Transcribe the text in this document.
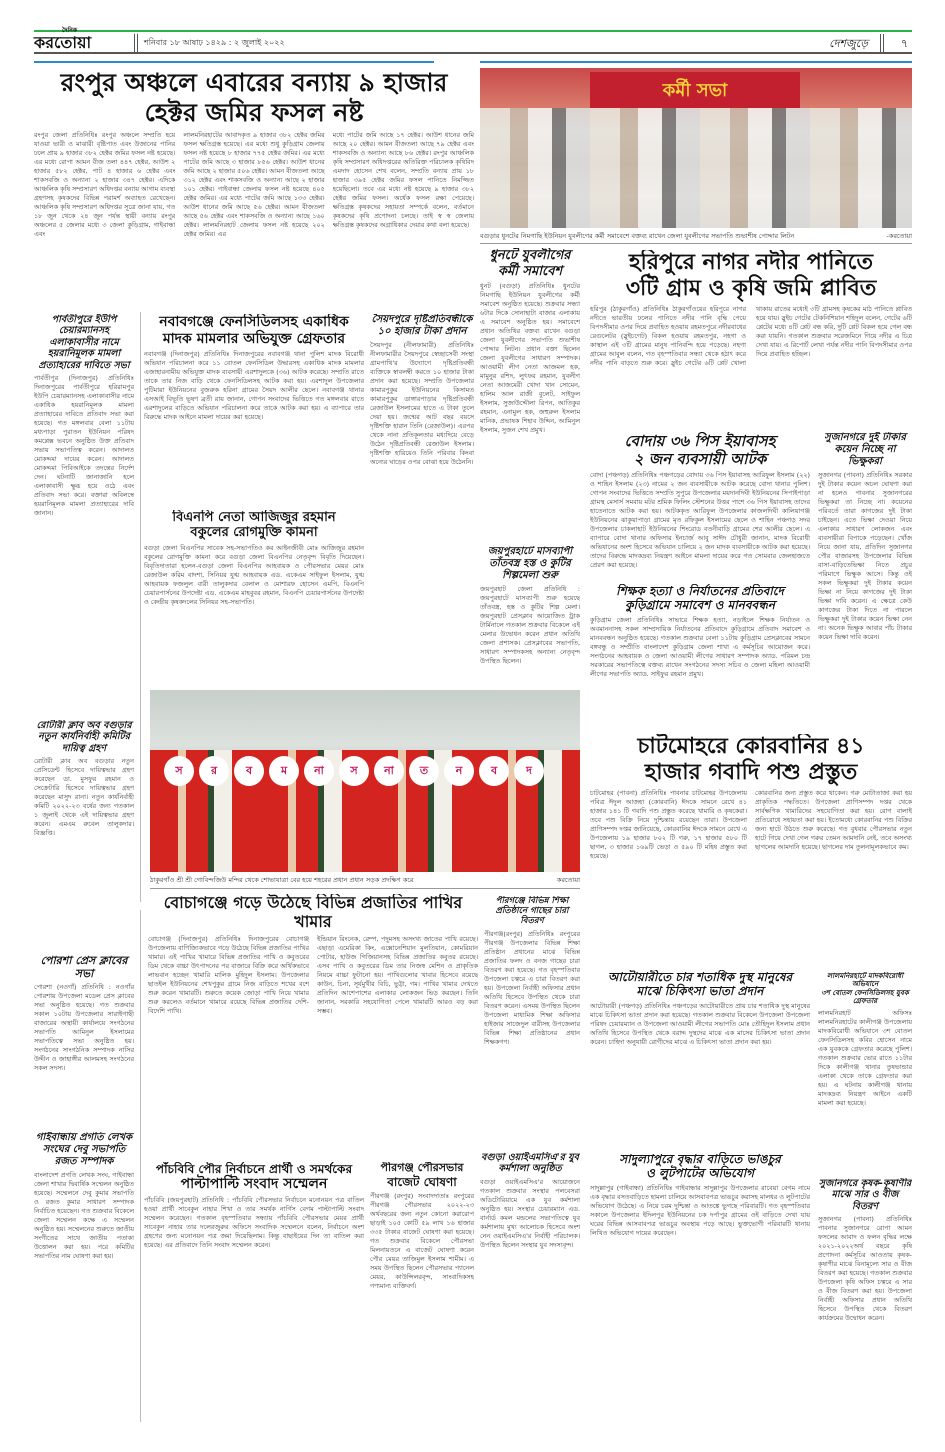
দৈনিক
করতোয়া	শনিবার ১৮ আষাঢ় ১৪২৯ : ২ জুলাই ২০২২	দেশজুড়ে	৭
রংপুর অঞ্চলে এবারের বন্যায় ৯ হাজার
হেক্টর জমির ফসল নষ্ট
রংপুর জেলা প্রতিনিধিঃ রংপুর অঞ্চলে সম্প্রতি হয়ে যাওয়া ভারী ও মাঝারী বৃষ্টিপাত এবং উজানের পানির ঢলে প্রায় ৯ হাজার ৩৮২ হেক্টর জমির ফসল নষ্ট হয়েছে। এর মধ্যে রোপা আমন বীজ তলা ৪৪৭ হেক্টর, আউশ ২ হাজার ৫৮২ হেক্টর, পাট ৪ হাজার ৬ হেক্টর এবং শাকসবজি ও অন্যান্য ২ হাজার ৩৪৭ হেক্টর। এদিকে আঞ্চলিক কৃষি সম্প্রসারণ অধিদপ্তর বন্যায় আগাম ব্যবস্থা গ্রহণসহ কৃষকদের বিভিন্ন পরামর্শ অব্যাহত রেখেছেন। আঞ্চলিক কৃষি সম্প্রসারণ অধিদপ্তর সূত্রে জানা যায়, গত ১৮ জুন থেকে ২৪ জুন পর্যন্ত স্থায়ী বন্যায় রংপুর অঞ্চলের ৫ জেলার মধ্যে ৩ জেলা কুড়িগ্রাম, গাইবান্ধা এবং
লালমনিরহাটের আবাদকৃত ৯ হাজার ৩৮২ হেক্টর জমির ফসল ক্ষতিগ্রস্ত হয়েছে। এর মধ্যে শুধু কুড়িগ্রাম জেলায় ফসল নষ্ট হয়েছে ৮ হাজার ৭৭৫ হেক্টর জমির। এর মধ্যে পাটের জমি আছে ৩ হাজার ৮৫৬ হেক্টর। আউশ ধানের জমি আছে ২ হাজার ৫০৬ হেক্টর। আমন বীজতলা আছে ৩১২ হেক্টর এবং শাকসবজি ও অন্যান্য আছে ২ হাজার ১০১ হেক্টর। গাইবান্ধা জেলায় ফসল নষ্ট হয়েছে ৪০৫ হেক্টর জমির। এর মধ্যে পাটের জমি আছে ১৩৩ হেক্টর। আউশ ধানের জমি আছে ৫৬ হেক্টর। আমন বীজতলা আছে ৫৬ হেক্টর এবং শাকসবজি ও অন্যান্য আছে ১৬০ হেক্টর। লালমনিরহাট জেলায় ফসল নষ্ট হয়েছে ২০২ হেক্টর জমির। এর
মধ্যে পাটের জমি আছে ১৭ হেক্টর। আউশ ধানের জমি আছে ২০ হেক্টর। আমন বীজতলা আছে ৭৯ হেক্টর এবং শাকসবজি ও অন্যান্য আছে ৮৬ হেক্টর। রংপুর আঞ্চলিক কৃষি সম্প্রসারণ অধিদপ্তরের অতিরিক্ত পরিচালক কৃষিবিদ এমদাদ হোসেন শেখ বলেন, সম্প্রতি বন্যায় প্রায় ১৮ হাজার ৩৯৫ হেক্টর জমির ফসল পানিতে নিমজ্জিত হয়েছিলো। তবে এর মধ্যে নষ্ট হয়েছে ৯ হাজার ৩৮২ হেক্টর জমির ফসল। অর্ধেক ফসল রক্ষা পেয়েছে। ক্ষতিগ্রস্ত কৃষকদের সহায়তা সম্পর্কে বলেন, বর্তমানে কৃষকদের কৃষি প্রণোদনা চলছে। তাই স্ব স্ব জেলায় ক্ষতিগ্রস্ত কৃষকদের অগ্রাধিকার দেয়ার কথা বলা হয়েছে।
কর্মী সভা
বগুড়ার ধুনটের নিমগাছি ইউনিয়ন যুবলীগের কর্মী সমাবেশে বক্তব্য রাখেন জেলা যুবলীগের সভাপতি শুভাশীষ পোদ্দার লিটন	-করতোয়া
ধুনটে যুবলীগের কর্মী সমাবেশ
ধুনট (বগুড়া) প্রতিনিধিঃ ধুনটের নিমগাছি ইউনিয়ন যুবলীগের কর্মী সমাবেশ অনুষ্ঠিত হয়েছে। শুক্রবার সন্ধ্যা ৬টার দিকে সোনাহাটা বাজার এলাকায় এ সমাবেশ অনুষ্ঠিত হয়। সমাবেশে প্রধান অতিথির বক্তব্য রাখেন বগুড়া জেলা যুবলীগের সভাপতি শুভাশীষ পোদ্দার লিটন। প্রধান বক্তা ছিলেন জেলা যুবলীগের সাধারণ সম্পাদক। আওয়ামী লীগ নেতা আজমল হক, মামুনুর রশিদ, লুৎফর রহমান, যুবলীগ নেতা আজমেরী খোদা খান সোমেন, হালিম আল রাজী বুলেট, সাইফুল ইসলাম, সুজাউদ্দৌলা রিপন, আতিকুর রহমান, এনামুল হক, জহুরুল ইসলাম মানিক, প্রভাষক শিহাব উদ্দিন, আমিনুল ইসলাম, সুজন শেখ প্রমুখ।
হরিপুরে নাগর নদীর পানিতে
৩টি গ্রাম ও কৃষি জমি প্লাবিত
হরিপুর (ঠাকুরগাঁও) প্রতিনিধিঃ ঠাকুরগাঁওয়ের হরিপুরে নাগর নদীতে ভারতীয় ঢলের পানিতে নদীর পানি বৃদ্ধি পেয়ে বিপদসীমার ওপর দিয়ে প্রবাহিত হওয়ায় রহমতপুরে নদীরবাধের রেগুলেটর (স্লুইচগেট) বিকল হওয়ায় রহমতপুর, নহগা ও কাস্থাল এই ৩টি গ্রামের মানুষ পানিবন্দি হয়ে পড়েছে। নহগা গ্রামের আবুল বলেন, গত বৃহস্পতিবার সন্ধ্যা থেকে হঠাৎ করে নদীর পানি বাড়তে শুরু করে। স্লুইচ গেটের ৬টি প্লেট খোলা থাকায় রাতের মধ্যেই ৩টি গ্রামসহ কৃষকের মাঠ পানিতে প্লাবিত হয়ে যায়। স্লুইচ গেটের টেকনিশিয়ান শহিদুল বলেন, গেটের ৬টি প্লেটের মধ্যে ৪টি প্লেট বন্ধ করি, দুটি প্লেট বিকল হয়ে গেল বন্ধ করা যায়নি। গতকাল শুক্রবার সরেজমিনে গিয়ে নদীর এ চিত্র দেখা যায়। এ রিপোর্ট লেখা পর্যন্ত নদীর পানি বিপদসীমার ওপর দিয়ে প্রবাহিত হচ্ছিল।
পার্বতীপুরে ইউপি চেয়ারম্যানসহ এলাকাবাসীর নামে হয়রানিমূলক মামলা প্রত্যাহারের দাবিতে সভা
পার্বতীপুর (দিনাজপুর) প্রতিনিধিঃ দিনাজপুরের পার্বতীপুরে হরিরামপুর ইউপি চেয়ারম্যানসহ এলাকাবাসীর নামে একাধিক হয়রানিমূলক মামলা প্রত্যাহারের দাবিতে প্রতিবাদ সভা করা হয়েছে। গত মঙ্গলবার বেলা ১১টায় মধ্যপাড়া পুরাতন ইউনিয়ন পরিষদ কমপ্লেক্স ভবনে অনুষ্ঠিত উক্ত প্রতিবাদ সভায় সভাপতিত্ব করেন। আদালত মোকদ্দমা দায়ের করেন। আদালত মোকদ্দমা পিবিআইকে তদন্তের নির্দেশ দেন। ঘটনাটি জানাজানি হলে এলাকাবাসী ক্ষুব্ধ হয়ে ওঠে এবং প্রতিবাদ সভা করে। বক্তারা অবিলম্বে হয়রানিমূলক মামলা প্রত্যাহারের দাবি জানান।
নবাবগঞ্জে ফেনসিডিলসহ একাধিক
মাদক মামলার অভিযুক্ত গ্রেফতার
নবাবগঞ্জ (দিনাজপুর) প্রতিনিধিঃ দিনাজপুরের নবাবগঞ্জ থানা পুলিশ মাদক বিরোধী অভিযান পরিচালনা করে ১১ বোতল ফেনসিডিল উদ্ধারসহ একাধিক মাদক মামলার এজাহারনামীয় অভিযুক্ত মাদক ব্যবসায়ী এরশাদুলকে (৩৬) আটক করেছে। সম্প্রতি রাতে তাকে তার নিজ বাড়ি থেকে ফেনসিডিলসহ আটক করা হয়। এরশাদুল উপজেলার পুটিমারা ইউনিয়নের বুজরুক হরিনা গ্রামের সৈয়দ আলীর ছেলে। নবাবগঞ্জ থানার এসআই বিভূতি ভূষণ ব্রতী রায় জানান, গোপন সংবাদের ভিত্তিতে গত মঙ্গলবার রাতে এরশাদুলের বাড়িতে অভিযান পরিচালনা করে তাকে আটক করা হয়। এ ব্যাপারে তার বিরুদ্ধে মাদক আইনে মামলা দায়ের করা হয়েছে।
সৈয়দপুরে দৃষ্টিপ্রতিবন্ধীকে ১০ হাজার টাকা প্রদান
সৈয়দপুর (নীলফামারী) প্রতিনিধিঃ নীলফামারীর সৈয়দপুরে স্বেচ্ছাসেবী সংস্থা গ্রামপাথি'র উদ্যোগে দৃষ্টিপ্রতিবন্ধী ব্যক্তিকে স্বাবলম্বী করতে ১০ হাজার টাকা প্রদান করা হয়েছে। সম্প্রতি উপজেলার কামারপুকুর ইউনিয়নের কিসামত কামারপুকুর ডাঙ্গারপাড়ার দৃষ্টিপ্রতিবন্ধী রেজাউল ইসলামের হাতে এ টাকা তুলে দেয়া হয়। জন্মের আট বছর বয়সে দৃষ্টিশক্তি হারান তিনি (রেজাউল)। এরপর থেকে নানা প্রতিকূলতার মধ্যদিয়ে বেড়ে উঠেন দৃষ্টিপ্রতিবন্ধী রেজাউল ইসলাম। দৃষ্টিশক্তি হারিয়েও তিনি পরিবার কিংবা অন্যের ঘাড়ের ওপর বোঝা হয়ে উঠেননি।
বিএনপি নেতা আজিজুর রহমান
বকুলের রোগমুক্তি কামনা
বগুড়া জেলা বিএনপির সাবেক সহ-সভাপতিও কর আইনজীবী মোঃ আজিজুর রহমান বকুলের রোগমুক্তি কামনা করে বগুড়া জেলা বিএনপির নেতৃবৃন্দ বিবৃতি দিয়েছেন। বিবৃতিদাতারা হলেন-বগুড়া জেলা বিএনপির আহবায়ক ও পৌরসভার মেয়র মোঃ রেজাউল করিম বাদশা, সিনিয়র যুগ্ম আহবায়ক এড. একেএম সাইফুল ইসলাম, যুগ্ম আহবায়ক ফজলুল বারী তালুকদার বেলাল ও মোশারফ হোসেন এমপি, বিএনপি চেয়ারপার্সনের উপদেষ্টা এড. একেএম মাহবুবর রহমান, বিএনপি চেয়ারপার্সনের উপদেষ্টা ও কেন্দ্রীয় কৃষকদলের সিনিয়র সহ-সভাপতি।
রোটারী ক্লাব অব বগুড়ার নতুন কার্যনির্বাহী কমিটির দায়িত্ব গ্রহণ
রোটারী ক্লাব অব বগুড়ার নতুন প্রেসিডেন্ট হিসেবে দায়িত্বভার গ্রহণ করেছেন ডা. মুসফুর রহমান ও সেক্রেটারি হিসেবে দায়িত্বভার গ্রহণ করেছেন মাসুদ রানা। নতুন কার্যনির্বাহী কমিটি ২০২২-২৩ বর্ষের জন্য গতকাল ১ জুলাই থেকে এই দায়িত্বভার গ্রহণ করেন। এমএম রুবেল তালুকদার। বিজ্ঞপ্তি।
স	র	ব	ম না স না ত	ন	ব	দ
ঠাকুরগাঁও শ্রী শ্রী গোবিন্দজিউ মন্দির থেকে শোভাযাত্রা বের হয়ে শহরের প্রধান প্রধান সড়ক প্রদক্ষিণ করে	করতোয়া
জয়পুরহাটে মাসব্যাপী তাঁতবস্ত্র হস্ত ও কুটির শিল্পমেলা শুরু
জয়পুরহাট জেলা প্রতিনিধি : জয়পুরহাটে মাসব্যাপী শুরু হয়েছে তাঁতবস্ত্র, হস্ত ও কুটির শিল্প মেলা। জয়পুরহাট প্রেসক্লাব আয়োজিত ট্রাক টার্মিনালে গতকাল শুক্রবার বিকেলে এই মেলার উদ্বোধন করেন প্রধান অতিথি জেলা প্রশাসক। প্রেসক্লাবের সভাপতি, সাধারণ সম্পাদকসহ অন্যান্য নেতৃবৃন্দ উপস্থিত ছিলেন।
বোদায় ৩৬ পিস ইয়াবাসহ
২ জন ব্যবসায়ী আটক
বোদা (পঞ্চগড়) প্রতিনিধিঃ পঞ্চগড়ের বোদায় ৩৬ পিস ইয়াবাসহ আরিফুল ইসলাম (২২) ও শাহিন ইসলাম (২৩) নামের ২ জন ব্যবসায়ীকে আটক করেছে বোদা থানার পুলিশ। গোপন সংবাদের ভিত্তিতে সম্প্রতি সুপুরে উপজেলার ময়দানদিঘী ইউনিয়নের সিপাইপাড়া গ্রামস্থ মেসার্স সমবায় মটর শ্রমিক ফিলিং স্টেশনের উত্তর পাশে ৩৬ পিস ইয়াবাসহ তাদের হাতেনাতে আটক করা হয়। আটককৃত আরিফুল উপজেলার কাজলদিঘী কালিয়াগঞ্জ ইউনিয়নের ঝাকুয়াপাড়া গ্রামের মৃত রফিকুল ইসলামের ছেলে ও শাহিন পঞ্চগড় সদর উপজেলার চাকলাহাট ইউনিয়নের শিংরোড বতনীবাড়ি গ্রামের শের আলীর ছেলে। এ ব্যাপারে বোদা থানার অফিসার ইনচার্জ আবু সাঈদ চৌধুরী জানান, মাদক বিরোধী অভিযানের অংশ হিসেবে অভিযান চালিয়ে ২ জন মাদক ব্যবসায়ীকে আটক করা হয়েছে। তাদের বিরুদ্ধে মাদকদ্রব্য নিয়ন্ত্রণ আইনে মামলা দায়ের করে গত সোমবার জেলহাজতে প্রেরণ করা হয়েছে।
সুজানগরে দুই টাকার কয়েন নিচ্ছে না ভিক্ষুকরা
সুজানগর (পাবনা) প্রতিনিধিঃ সরকার দুই টাকার কয়েন অচল ঘোষণা করা না হলেও পাবনার সুজানগরের ভিক্ষুকরা তা নিচ্ছে না। কয়েনের পরিবর্তে তারা কাগজের দুই টাকা চাইছেন। এতে ভিক্ষা দেওয়া নিয়ে এলাকার সাধারণ লোকজন এবং ব্যবসায়ীরা বিপাকে পড়েছেন। খোঁজ নিয়ে জানা যায়, প্রতিদিন সুজানগর পৌর বাজারসহ উপজেলার বিভিন্ন বাসা-বাড়িতেভিক্ষা নিতে প্রচুর পরিমাণে ভিক্ষুক আসে। কিন্তু ওই সকল ভিক্ষুকরা দুই টাকার কয়েন ভিক্ষা না নিয়ে কাগজের দুই টাকা ভিক্ষা দাবি করেন। এ ক্ষেত্রে কেউ কাগজের টাকা দিতে না পারলে ভিক্ষুকরা দুই টাকার কয়েন ভিক্ষা নেন না। অনেক ভিক্ষুক আবার পাঁচ টাকার কয়েন ভিক্ষা দাবি করেন।
শিক্ষক হত্যা ও নির্যাতনের প্রতিবাদে
কুড়িগ্রামে সমাবেশ ও মানববন্ধন
কুড়িগ্রাম জেলা প্রতিনিধিঃ সাভারে শিক্ষক হত্যা, নড়াইলে শিক্ষক নির্যাতন ও অবমাননাসহ সকল সাম্প্রদায়িক নির্যাতনের প্রতিবাদে কুড়িগ্রামে প্রতিবাদ সমাবেশ ও মানববন্ধন অনুষ্ঠিত হয়েছে। গতকাল শুক্রবার বেলা ১১টায় কুড়িগ্রাম প্রেসক্লাবের সামনে বঙ্গবন্ধু ও সম্প্রীতি বাংলাদেশ কুড়িগ্রাম জেলা শাখা এ কর্মসূচির আয়োজন করে। সংগঠনের আহবায়ক ও জেলা আওয়ামী লীগের সাধারণ সম্পাদক অ্যাড. পরিমল চন্দ্র সরকারের সভাপতিত্বে বক্তব্য রাখেন সংগঠনের সদস্য সচিব ও জেলা মহিলা আওয়ামী লীগের সভাপতি অ্যাড. সাইফুর রহমান প্রমুখ।
চাটমোহরে কোরবানির ৪১
হাজার গবাদি পশু প্রস্তুত
চাটমোহর (পাবনা) প্রতিনিধিঃ পাবনার চাটমোহর উপজেলায় পবিত্র ঈদুল আজহা (কোরবানি) ঈদকে সামনে রেখে ৪১ হাজার ১৪১ টি গবাদি পশু প্রস্তুত করেছে খামারি ও কৃষকেরা। তবে পশু বিক্রি নিয়ে দুশ্চিন্তায় রয়েছেন তারা। উপজেলা প্রাণিসম্পদ দপ্তর জানিয়েছে, কোরবানির ঈদকে সামনে রেখে এ উপজেলায় ১৯ হাজার ৮০২ টি গরু, ১৭ হাজার ৫৮০ টি ছাগল, ৩ হাজার ১৬৯টি ভেড়া ও ৫৯০ টি মহিষ প্রস্তুত করা হয়েছে।
কোরবানির জন্য প্রস্তুত করে থাকেন। গরু মোটাতাজা করা হয় প্রাকৃতিক পদ্ধতিতে। উপজেলা প্রাণিসম্পদ দপ্তর থেকে সার্বক্ষণিক খামারিদের সহযোগিতা করা হয়। রোগ বালাই প্রতিরোধে সহায়তা করা হয়। ইতোমধ্যে কোরবানির পশু বিক্রির জন্য হাটে উঠতে শুরু করেছে। গত বুধবার পৌরসভার নতুন হাটে গিয়ে দেখা গেল গরুর তেমন আমদানি নেই, তবে অসংখ্য ছাগলের আমদানি হয়েছে। ছাগলের দাম তুলনামূলকভাবে কম।
বোচাগঞ্জে গড়ে উঠেছে বিভিন্ন প্রজাতির পাখির খামার
বোচাগঞ্জ (দিনাজপুর) প্রতিনিধিঃ দিনাজপুরের বোচাগঞ্জ উপজেলায় বাণিজ্যিকভাবে গড়ে উঠেছে বিভিন্ন প্রজাতির পাখির খামার। এই পাখির খামারে বিভিন্ন প্রজাতির পাখি ও কবুতরের ডিম থেকে বাচ্চা উৎপাদনের পর বাজারে বিক্রি করে অর্থিকভাবে লাভবান হচ্ছেন খামারি মালিক মুহিদুল ইসলাম। উপজেলার ছাতইল ইউনিয়নের শেখপুকুর গ্রামে নিজ বাড়িতে শখের বশে শুরু করেন খামারটি। শুরুতে কয়েক জোড়া পাখি নিয়ে খামার শুরু করলেও বর্তমানে খামারে রয়েছে বিভিন্ন প্রজাতির দেশি-বিদেশি পাখি।
ইন্ডিয়ান রিংনেক, রেম্প, পদুমসহ অসংখ্য জাতের পাখি রয়েছে। এছাড়া এমেরিকা কিং, এক্সোনেশিয়ান মুলতিয়ান, কোমরিয়ান পোটার, হাউজ গিজিয়ানসহ বিভিন্ন প্রজাতির কবুতর রয়েছে। এসব পাখি ও কবুতরের ডিম তার নিজস্ব মেশিন ও প্রাকৃতিক নিয়মে বাচ্চা ফুটানো হয়। পাখিগুলোর খাবার হিসেবে রয়েছে কাউন, চিনা, সূর্যমুখীর বিচি, ভুট্টা, গম। পাখির খামার দেখতে প্রতিদিন আশেপাশের এলাকার লোকজন ভিড় করছেন। তিনি জানান, সরকারি সহযোগিতা পেলে খামারটি আরও বড় করা সম্ভব।
পীরগঞ্জে বিভিন্ন শিক্ষা প্রতিষ্ঠানে গাছের চারা বিতরণ
পীরগঞ্জ(রংপুর) প্রতিনিধিঃ রংপুরের পীরগঞ্জ উপজেলার বিভিন্ন শিক্ষা প্রতিষ্ঠান প্রধানের মাঝে বিভিন্ন প্রজাতির ফলদ ও বনজ গাছের চারা বিতরণ করা হয়েছে। গত বৃহস্পতিবার উপজেলা চত্বরে এ চারা বিতরণ করা হয়। উপজেলা নির্বাহী অফিসার প্রধান অতিথি হিসেবে উপস্থিত থেকে চারা বিতরণ করেন। এসময় উপস্থিত ছিলেন উপজেলা মাধ্যমিক শিক্ষা অফিসার হাইজার সাজেদুল বারীসহ উপজেলার বিভিন্ন শিক্ষা প্রতিষ্ঠানের প্রধান শিক্ষকগণ।
আটোয়ারীতে চার শতাধিক দুস্থ মানুষের
মাঝে চিকিৎসা ভাতা প্রদান
আটোয়ারী (পঞ্চগড়) প্রতিনিধিঃ পঞ্চগড়ের আটোয়ারীতে প্রায় চার শতাধিক দুস্থ মানুষের মাঝে চিকিৎসা ভাতা প্রদান করা হয়েছে। গতকাল শুক্রবার বিকেলে উপজেলা উপজেলা পরিষদ চেয়ারম্যান ও উপজেলা আওয়ামী লীগের সভাপতি মোঃ তৌহিদুল ইসলাম প্রধান অতিথি হিসেবে উপস্থিত থেকে বরাদ্দ দুস্থদের মাঝে এক মাসের চিকিৎসা ভাতা প্রদান করেন। চাহিদা অনুযায়ী রোগীদের মাঝে এ চিকিৎসা ভাতা প্রদান করা হয়।
লালমনিরহাটে মাদকবিরোধী অভিযানে
৩শ বোতল ফেনসিডিলসহ যুবক গ্রেফতার
লালমনিরহাট অফিসঃ লালমনিরহাটের কালীগঞ্জ উপজেলায় মাদকবিরোধী অভিযানে ৩শ বোতল ফেনসিডিলসহ কবির হোসেন নামে এক যুবককে গ্রেফতার করেছে পুলিশ। গতকাল শুক্রবার ভোর রাতে ১১টার দিকে কালীগঞ্জ থানার তুষভান্ডার এলাকা থেকে তাকে গ্রেফতার করা হয়। এ ঘটনায় কালীগঞ্জ থানায় মাদকদ্রব্য নিয়ন্ত্রণ আইনে একটি মামলা করা হয়েছে।
পোরশা প্রেস ক্লাবের সভা
পোরশা (নওগাঁ) প্রতিনিধি : নওগাঁর পোরশায় উপজেলা মডেল প্রেস ক্লাবের সভা অনুষ্ঠিত হয়েছে। গত শুক্রবার সকাল ১০টায় উপজেলার সারাইগাছী বাজারের অস্থায়ী কার্যালয়ে সংগঠনের সভাপতি আমিনুল ইসলামের সভাপতিত্বে সভা অনুষ্ঠিত হয়। সংগঠনের সাংগঠনিক সম্পাদক নাসির উদ্দীন ও জাহাঙ্গীর আলমসহ সংগঠনের সকল সদস্য।
গাইবান্ধায় প্রগতি লেখক সংঘের দেবু সভাপতি রজত সম্পাদক
বাংলাদেশ প্রগতি লেখক সংঘ, গাইবান্ধা জেলা শাখার দ্বিবার্ষিক সম্মেলন অনুষ্ঠিত হয়েছে। সম্মেলনে দেবু কুমার সভাপতি ও রজত কুমার সাধারণ সম্পাদক নির্বাচিত হয়েছেন। গত শুক্রবার বিকেলে জেলা সম্মেলন কক্ষে এ সম্মেলন অনুষ্ঠিত হয়। সম্মেলনের শুরুতে জাতীয় সংগীতের সাথে জাতীয় পতাকা উত্তোলন করা হয়। পরে কমিটির সভাপতির নাম ঘোষণা করা হয়।
পাঁচবিবি পৌর নির্বাচনে প্রার্থী ও সমর্থকের
পাল্টাপাল্টি সংবাদ সম্মেলন
পাঁচবিবি (জয়পুরহাট) প্রতিনিধি : পাঁচবিবি পৌরসভার নির্বাচনে মনোনয়ন পত্র বাতিল হওয়া প্রার্থী সাবেকুন নাহার শিখা ও তার সমর্থক নার্গিস বেগম পাল্টাপাল্টি সংবাদ সম্মেলন করেছেন। গতকাল বৃহস্পতিবার সন্ধ্যায় পাঁচবিবি পৌরসভার মেয়র প্রার্থী সাবেকুন নাহার তার দলেরজুরুর অফিসে সংবাদিক সম্মেলনে বলেন, নির্বাচনে অংশ গ্রহণের জন্য মনোনয়ন পত্র জমা দিয়েছিলাম। কিন্তু বাছাইয়ের দিন তা বাতিল করা হয়েছে। এর প্রতিবাদে তিনি সংবাদ সম্মেলন করেন।
পীরগঞ্জ পৌরসভার
বাজেট ঘোষণা
পীরগঞ্জ (রংপুর) সংবাদদাতাঃ রংপুরের পীরগঞ্জ পৌরসভার ২০২২-২৩ অর্থবছরের জন্য নতুন কোনো করারোপ ছাড়াই ১০৫ কোটি ৫৯ লাখ ১৬ হাজার ৩৩৫ টাকার বাজেট ঘোষণা করা হয়েছে। গত শুক্রবার বিকেলে পৌরসভা মিলনায়তনে এ বাজেট ঘোষণা করেন পৌর মেয়র তাজিমুল ইসলাম শামীম। এ সময় উপস্থিত ছিলেন পৌরসভার প্যানেল মেয়র, কাউন্সিলরবৃন্দ, সাংবাদিকসহ গণ্যমান্য ব্যক্তিবর্গ।
বগুড়া ওয়াইএমসিএ'র যুব কর্মশালা অনুষ্ঠিত
বগুড়া ওয়াইএমসিএ'র আয়োজনে গতকাল শুক্রবার সংস্থার পলবেসরা অডিটোরিয়ামে এক যুব কর্মশালা অনুষ্ঠিত হয়। সংস্থার চেয়ারম্যান এড. বার্নার্ড কমল মন্ডলের সভাপতিত্বে যুব কর্মশালায় মুখ্য আলোচক হিসেবে অংশ নেন ওয়াইএমসিএ'র নির্বাহী পরিচালক। উপস্থিত ছিলেন সংস্থার যুব সদস্যবৃন্দ।
সাদুল্যাপুরে বৃদ্ধার বাড়িতে ভাঙচুর
ও লুটপাটের অভিযোগ
সাদুল্লাপুর (গাইবান্ধা) প্রতিনিধিঃ গাইবান্ধার সাদুল্লাপুর উপজেলার রাবেয়া বেগম নামে এক বৃদ্ধার বসতবাড়িতে হামলা চালিয়ে আসবাবপত্র ভাঙচুর করাসহ মালধর ও লুটপাটের অভিযোগ উঠেছে। এ নিয়ে চরম দুশ্চিন্তা ও আতঙ্কে ভুগছে পরিবারটি। গত বৃহস্পতিবার সকালে উপজেলার ইদিলপুর ইউনিয়নের চক দর্পাপুর গ্রামের ওই বাড়িতে দেখা যায় ঘরের বিভিন্ন আসবাবপত্র ভাঙচুর অবস্থায় পড়ে আছে। ভুক্তভোগী পরিবারটি থানায় লিখিত অভিযোগ দায়ের করেছেন।
সুজানগরে কৃষক-কৃষাণীর
মাঝে সার ও বীজ বিতরণ
সুজানগর (পাবনা) প্রতিনিধিঃ পাবনার সুজানগরে রোপা আমন ফসলের আবাদ ও ফলন বৃদ্ধির লক্ষে ২০২১-২০২২অর্থ বছরে কৃষি প্রণোদনা কর্মসূচির আওতায় কৃষক-কৃষাণীর মাঝে বিনামূল্যে সার ও বীজ বিতরণ করা হয়েছে। গতকাল শুক্রবার উপজেলা কৃষি অফিস চত্বরে এ সার ও বীজ বিতরণ করা হয়। উপজেলা নির্বাহী অফিসার প্রধান অতিথি হিসেবে উপস্থিত থেকে বিতরণ কার্যক্রমের উদ্বোধন করেন।
